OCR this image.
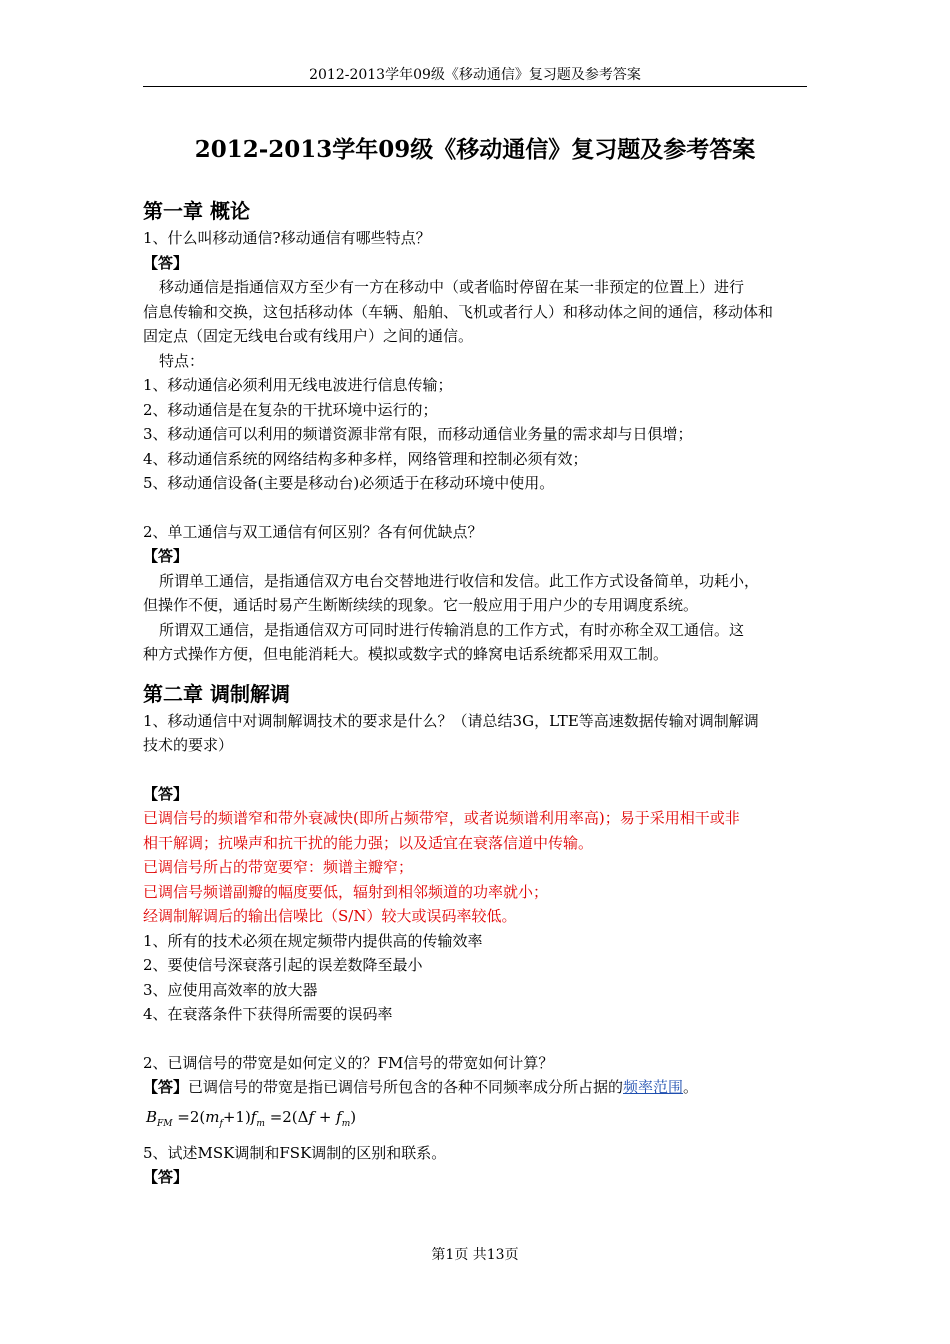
2012-2013学年09级《移动通信》复习题及参考答案
2012-2013学年09级《移动通信》复习题及参考答案

第一章 概论

1、什么叫移动通信?移动通信有哪些特点？

【答】

移动通信是指通信双方至少有一方在移动中（或者临时停留在某一非预定的位置上）进行

信息传输和交换，这包括移动体（车辆、船舶、飞机或者行人）和移动体之间的通信，移动体和

固定点（固定无线电台或有线用户）之间的通信。

特点：

1、移动通信必须利用无线电波进行信息传输；

2、移动通信是在复杂的干扰环境中运行的；

3、移动通信可以利用的频谱资源非常有限，而移动通信业务量的需求却与日俱增；

4、移动通信系统的网络结构多种多样，网络管理和控制必须有效；

5、移动通信设备(主要是移动台)必须适于在移动环境中使用。

2、单工通信与双工通信有何区别？各有何优缺点？

【答】

所谓单工通信，是指通信双方电台交替地进行收信和发信。此工作方式设备简单，功耗小，

但操作不便，通话时易产生断断续续的现象。它一般应用于用户少的专用调度系统。

所谓双工通信，是指通信双方可同时进行传输消息的工作方式，有时亦称全双工通信。这

种方式操作方便，但电能消耗大。模拟或数字式的蜂窝电话系统都采用双工制。

第二章 调制解调

1、移动通信中对调制解调技术的要求是什么？（请总结3G，LTE等高速数据传输对调制解调

技术的要求）

【答】

已调信号的频谱窄和带外衰减快(即所占频带窄，或者说频谱利用率高)；易于采用相干或非

相干解调；抗噪声和抗干扰的能力强；以及适宜在衰落信道中传输。

已调信号所占的带宽要窄：频谱主瓣窄；

已调信号频谱副瓣的幅度要低，辐射到相邻频道的功率就小；

经调制解调后的输出信噪比（S/N）较大或误码率较低。

1、所有的技术必须在规定频带内提供高的传输效率

2、要使信号深衰落引起的误差数降至最小

3、应使用高效率的放大器

4、在衰落条件下获得所需要的误码率

2、已调信号的带宽是如何定义的？FM信号的带宽如何计算？

【答】已调信号的带宽是指已调信号所包含的各种不同频率成分所占据的频率范围。

$B_{FM} =2(m_f+1)f_m =2(\Delta f + f_m)$

5、试述MSK调制和FSK调制的区别和联系。

【答】

第1页 共13页
